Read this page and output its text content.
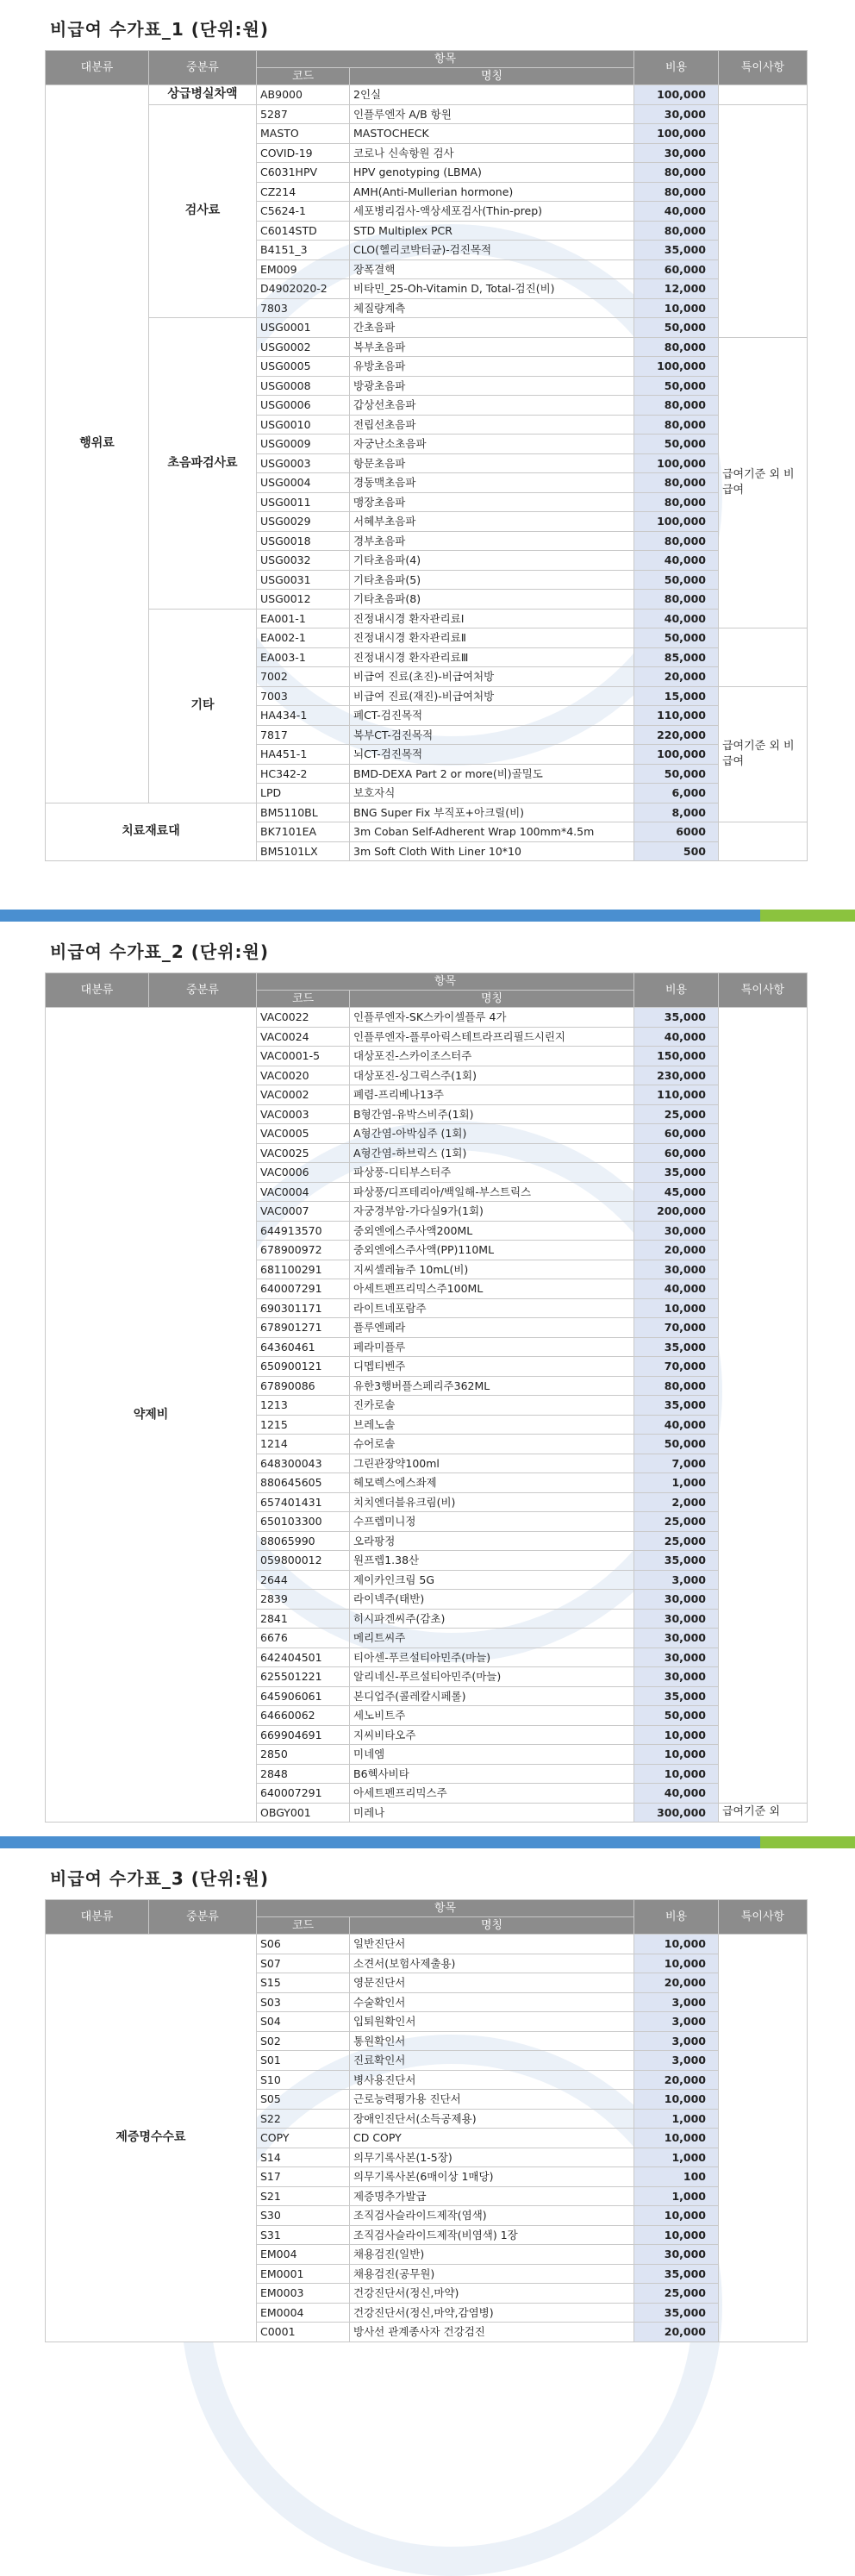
비급여 수가표_1 (단위:원)
대분류	중분류	항목		비용	특이사항
		코드	명칭		
행위료	상급병실차액	AB9000	2인실	100,000	
	검사료	5287	인플루엔자 A/B 항원	30,000	
		MASTO	MASTOCHECK	100,000	
		COVID-19	코로나 신속항원 검사	30,000	
		C6031HPV	HPV genotyping (LBMA)	80,000	
		CZ214	AMH(Anti-Mullerian hormone)	80,000	
		C5624-1	세포병리검사-액상세포검사(Thin-prep)	40,000	
		C6014STD	STD Multiplex PCR	80,000	
		B4151_3	CLO(헬리코박터균)-검진목적	35,000	
		EM009	장폭결핵	60,000	
		D4902020-2	비타민_25-Oh-Vitamin D, Total-검진(비)	12,000	
		7803	체질량계측	10,000	
	초음파검사료	USG0001	간초음파	50,000	
		USG0002	복부초음파	80,000	급여기준 외 비급여
		USG0005	유방초음파	100,000	
		USG0008	방광초음파	50,000	
		USG0006	갑상선초음파	80,000	
		USG0010	전립선초음파	80,000	
		USG0009	자궁난소초음파	50,000	
		USG0003	항문초음파	100,000	
		USG0004	경동맥초음파	80,000	
		USG0011	맹장초음파	80,000	
		USG0029	서혜부초음파	100,000	
		USG0018	경부초음파	80,000	
		USG0032	기타초음파(4)	40,000	
		USG0031	기타초음파(5)	50,000	
		USG0012	기타초음파(8)	80,000	
	기타	EA001-1	진정내시경 환자관리료Ⅰ	40,000	
		EA002-1	진정내시경 환자관리료Ⅱ	50,000	
		EA003-1	진정내시경 환자관리료Ⅲ	85,000	
		7002	비급여 진료(초진)-비급여처방	20,000	
		7003	비급여 진료(재진)-비급여처방	15,000	급여기준 외 비급여
		HA434-1	폐CT-검진목적	110,000	
		7817	복부CT-검진목적	220,000	
		HA451-1	뇌CT-검진목적	100,000	
		HC342-2	BMD-DEXA Part 2 or more(비)골밀도	50,000	
		LPD	보호자식	6,000	
치료재료대		BM5110BL	BNG Super Fix 부직포+아크릴(비)	8,000	
		BK7101EA	3m Coban Self-Adherent Wrap 100mm*4.5m	6000	
		BM5101LX	3m Soft Cloth With Liner 10*10	500	
비급여 수가표_2 (단위:원)
대분류	중분류	항목		비용	특이사항
		코드	명칭		
약제비		VAC0022	인플루엔자-SK스카이셀플루 4가	35,000	
		VAC0024	인플루엔자-플루아릭스테트라프리필드시린지	40,000	
		VAC0001-5	대상포진-스카이조스터주	150,000	
		VAC0020	대상포진-싱그릭스주(1회)	230,000	
		VAC0002	폐렴-프리베나13주	110,000	
		VAC0003	B형간염-유박스비주(1회)	25,000	
		VAC0005	A형간염-아박심주 (1회)	60,000	
		VAC0025	A형간염-하브릭스 (1회)	60,000	
		VAC0006	파상풍-디티부스터주	35,000	
		VAC0004	파상풍/디프테리아/백일해-부스트릭스	45,000	
		VAC0007	자궁경부암-가다실9가(1회)	200,000	
		644913570	중외엔에스주사액200ML	30,000	
		678900972	중외엔에스주사액(PP)110ML	20,000	
		681100291	지씨셀레늄주 10mL(비)	30,000	
		640007291	아세트펜프리믹스주100ML	40,000	
		690301171	라이트네포람주	10,000	
		678901271	플루엔페라	70,000	
		64360461	페라미플루	35,000	
		650900121	디멥티벤주	70,000	
		67890086	유한3행버플스페리주362ML	80,000	
		1213	진카로솔	35,000	
		1215	브레노솔	40,000	
		1214	슈어로솔	50,000	
		648300043	그린관장약100ml	7,000	
		880645605	헤모렉스에스좌제	1,000	
		657401431	치치엔더블유크림(비)	2,000	
		650103300	수프렙미니정	25,000	
		88065990	오라팡정	25,000	
		059800012	원프렙1.38산	35,000	
		2644	제이카인크림 5G	3,000	
		2839	라이넥주(태반)	30,000	
		2841	히시파겐씨주(감초)	30,000	
		6676	메리트씨주	30,000	
		642404501	티아센-푸르설티아민주(마늘)	30,000	
		625501221	알리네신-푸르설티아민주(마늘)	30,000	
		645906061	본디업주(콜레칼시페롤)	35,000	
		64660062	세노비트주	50,000	
		669904691	지씨비타오주	10,000	
		2850	미네엠	10,000	
		2848	B6헥사비타	10,000	
		640007291	아세트펜프리믹스주	40,000	
		OBGY001	미레나	300,000	급여기준 외
비급여 수가표_3 (단위:원)
대분류	중분류	항목		비용	특이사항
		코드	명칭		
제증명수수료		S06	일반진단서	10,000	
		S07	소견서(보험사제출용)	10,000	
		S15	영문진단서	20,000	
		S03	수술확인서	3,000	
		S04	입퇴원확인서	3,000	
		S02	통원확인서	3,000	
		S01	진료확인서	3,000	
		S10	병사용진단서	20,000	
		S05	근로능력평가용 진단서	10,000	
		S22	장애인진단서(소득공제용)	1,000	
		COPY	CD COPY	10,000	
		S14	의무기록사본(1-5장)	1,000	
		S17	의무기록사본(6매이상 1매당)	100	
		S21	제증명추가발급	1,000	
		S30	조직검사슬라이드제작(염색)	10,000	
		S31	조직검사슬라이드제작(비염색) 1장	10,000	
		EM004	채용검진(일반)	30,000	
		EM0001	채용검진(공무원)	35,000	
		EM0003	건강진단서(정신,마약)	25,000	
		EM0004	건강진단서(정신,마약,감염병)	35,000	
		C0001	방사선 관계종사자 건강검진	20,000	
